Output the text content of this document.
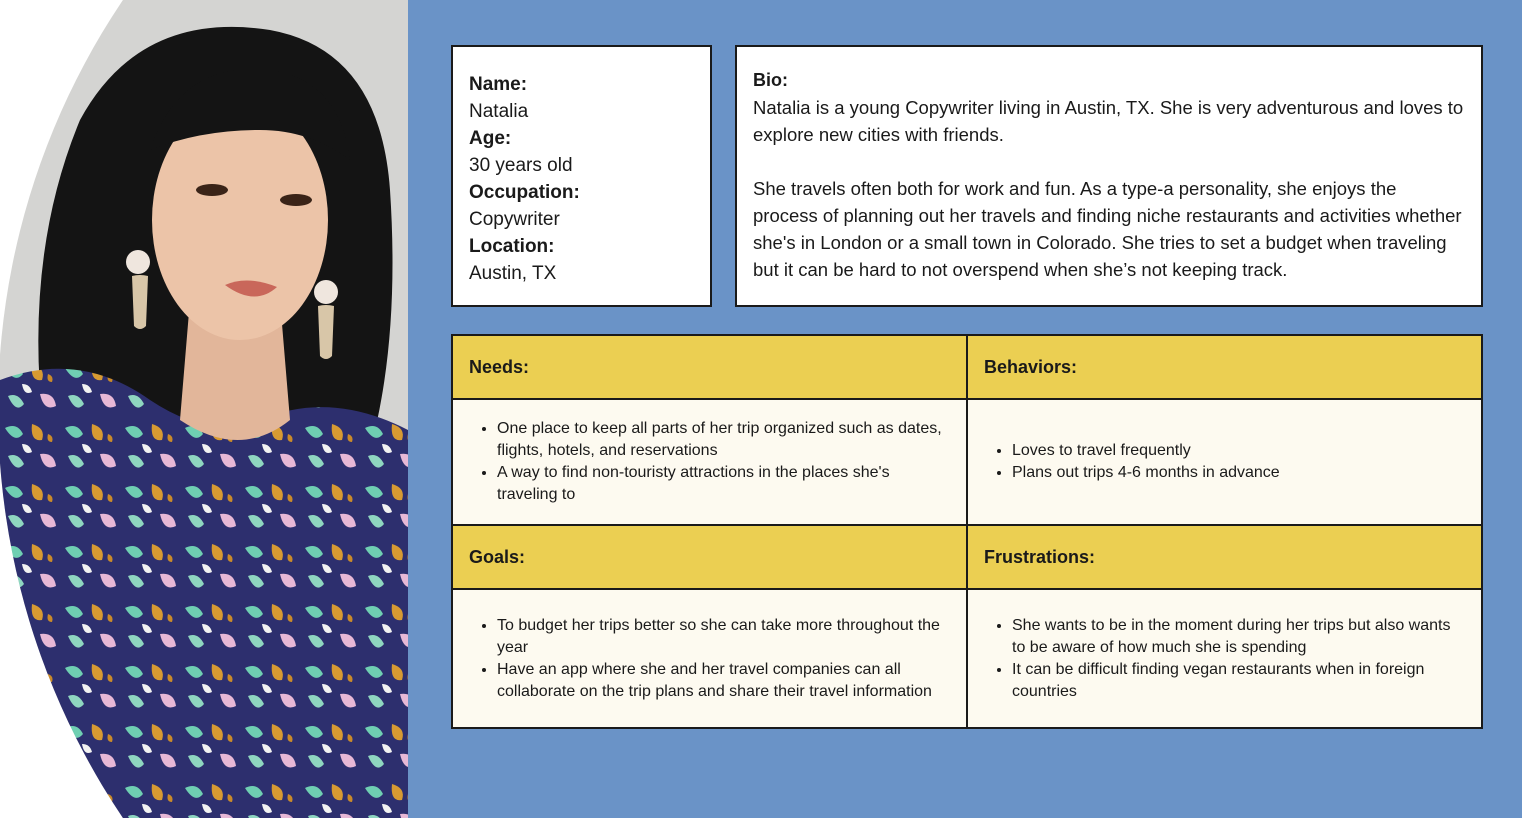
Name:
Natalia
Age:
30 years old
Occupation:
Copywriter
Location:
Austin, TX
Bio:

Natalia is a young Copywriter living in Austin, TX. She is very adventurous and loves to explore new cities with friends.

She travels often both for work and fun. As a type-a personality, she enjoys the process of planning out her travels and finding niche restaurants and activities whether she's in London or a small town in Colorado. She tries to set a budget when traveling but it can be hard to not overspend when she’s not keeping track.

Needs:	Behaviors:
• One place to keep all parts of her trip organized such as dates, flights, hotels, and reservations
• A way to find non-touristy attractions in the places she's traveling to
• Loves to travel frequently
• Plans out trips 4-6 months in advance
Goals:	Frustrations:
• To budget her trips better so she can take more throughout the year
• Have an app where she and her travel companies can all collaborate on the trip plans and share their travel information
• She wants to be in the moment during her trips but also wants to be aware of how much she is spending
• It can be difficult finding vegan restaurants when in foreign countries
